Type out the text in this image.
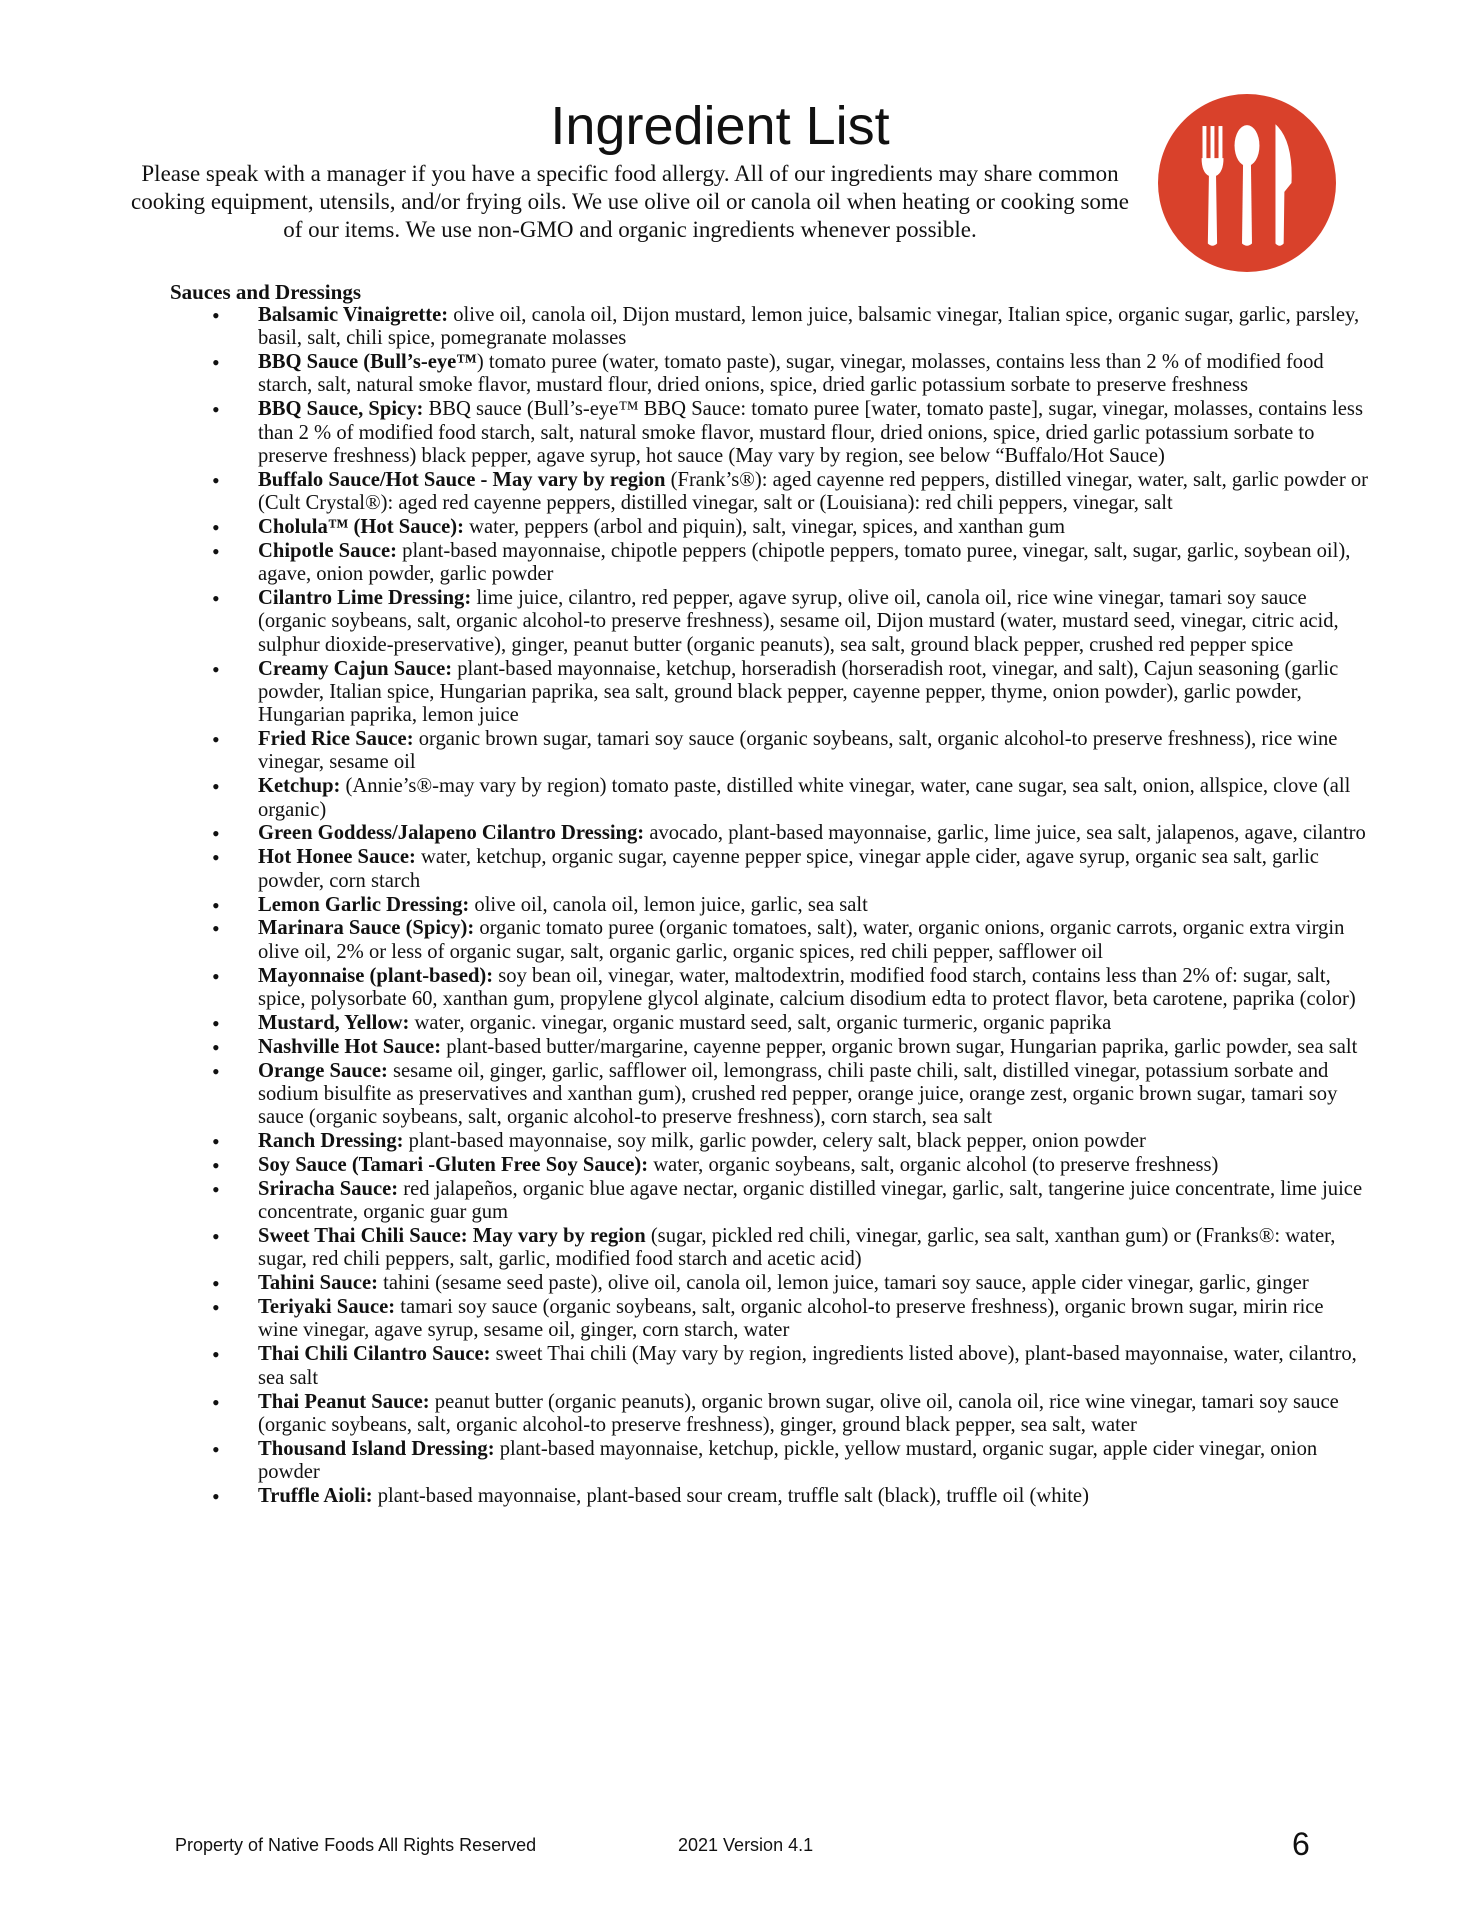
Ingredient List

Please speak with a manager if you have a specific food allergy. All of our ingredients may share common cooking equipment, utensils, and/or frying oils. We use olive oil or canola oil when heating or cooking some of our items. We use non-GMO and organic ingredients whenever possible.

Sauces and Dressings
• Balsamic Vinaigrette: olive oil, canola oil, Dijon mustard, lemon juice, balsamic vinegar, Italian spice, organic sugar, garlic, parsley, basil, salt, chili spice, pomegranate molasses
• BBQ Sauce (Bull’s-eye™) tomato puree (water, tomato paste), sugar, vinegar, molasses, contains less than 2 % of modified food starch, salt, natural smoke flavor, mustard flour, dried onions, spice, dried garlic potassium sorbate to preserve freshness
• BBQ Sauce, Spicy: BBQ sauce (Bull’s-eye™ BBQ Sauce: tomato puree [water, tomato paste], sugar, vinegar, molasses, contains less than 2 % of modified food starch, salt, natural smoke flavor, mustard flour, dried onions, spice, dried garlic potassium sorbate to preserve freshness) black pepper, agave syrup, hot sauce (May vary by region, see below “Buffalo/Hot Sauce)
• Buffalo Sauce/Hot Sauce - May vary by region (Frank’s®): aged cayenne red peppers, distilled vinegar, water, salt, garlic powder or (Cult Crystal®): aged red cayenne peppers, distilled vinegar, salt or (Louisiana): red chili peppers, vinegar, salt
• Cholula™ (Hot Sauce): water, peppers (arbol and piquin), salt, vinegar, spices, and xanthan gum
• Chipotle Sauce: plant-based mayonnaise, chipotle peppers (chipotle peppers, tomato puree, vinegar, salt, sugar, garlic, soybean oil), agave, onion powder, garlic powder
• Cilantro Lime Dressing: lime juice, cilantro, red pepper, agave syrup, olive oil, canola oil, rice wine vinegar, tamari soy sauce (organic soybeans, salt, organic alcohol-to preserve freshness), sesame oil, Dijon mustard (water, mustard seed, vinegar, citric acid, sulphur dioxide-preservative), ginger, peanut butter (organic peanuts), sea salt, ground black pepper, crushed red pepper spice
• Creamy Cajun Sauce: plant-based mayonnaise, ketchup, horseradish (horseradish root, vinegar, and salt), Cajun seasoning (garlic powder, Italian spice, Hungarian paprika, sea salt, ground black pepper, cayenne pepper, thyme, onion powder), garlic powder, Hungarian paprika, lemon juice
• Fried Rice Sauce: organic brown sugar, tamari soy sauce (organic soybeans, salt, organic alcohol-to preserve freshness), rice wine vinegar, sesame oil
• Ketchup: (Annie’s®-may vary by region) tomato paste, distilled white vinegar, water, cane sugar, sea salt, onion, allspice, clove (all organic)
• Green Goddess/Jalapeno Cilantro Dressing: avocado, plant-based mayonnaise, garlic, lime juice, sea salt, jalapenos, agave, cilantro
• Hot Honee Sauce: water, ketchup, organic sugar, cayenne pepper spice, vinegar apple cider, agave syrup, organic sea salt, garlic powder, corn starch
• Lemon Garlic Dressing: olive oil, canola oil, lemon juice, garlic, sea salt
• Marinara Sauce (Spicy): organic tomato puree (organic tomatoes, salt), water, organic onions, organic carrots, organic extra virgin olive oil, 2% or less of organic sugar, salt, organic garlic, organic spices, red chili pepper, safflower oil
• Mayonnaise (plant-based): soy bean oil, vinegar, water, maltodextrin, modified food starch, contains less than 2% of: sugar, salt, spice, polysorbate 60, xanthan gum, propylene glycol alginate, calcium disodium edta to protect flavor, beta carotene, paprika (color)
• Mustard, Yellow: water, organic. vinegar, organic mustard seed, salt, organic turmeric, organic paprika
• Nashville Hot Sauce: plant-based butter/margarine, cayenne pepper, organic brown sugar, Hungarian paprika, garlic powder, sea salt
• Orange Sauce: sesame oil, ginger, garlic, safflower oil, lemongrass, chili paste chili, salt, distilled vinegar, potassium sorbate and sodium bisulfite as preservatives and xanthan gum), crushed red pepper, orange juice, orange zest, organic brown sugar, tamari soy sauce (organic soybeans, salt, organic alcohol-to preserve freshness), corn starch, sea salt
• Ranch Dressing: plant-based mayonnaise, soy milk, garlic powder, celery salt, black pepper, onion powder
• Soy Sauce (Tamari -Gluten Free Soy Sauce): water, organic soybeans, salt, organic alcohol (to preserve freshness)
• Sriracha Sauce: red jalapeños, organic blue agave nectar, organic distilled vinegar, garlic, salt, tangerine juice concentrate, lime juice concentrate, organic guar gum
• Sweet Thai Chili Sauce: May vary by region (sugar, pickled red chili, vinegar, garlic, sea salt, xanthan gum) or (Franks®: water, sugar, red chili peppers, salt, garlic, modified food starch and acetic acid)
• Tahini Sauce: tahini (sesame seed paste), olive oil, canola oil, lemon juice, tamari soy sauce, apple cider vinegar, garlic, ginger
• Teriyaki Sauce: tamari soy sauce (organic soybeans, salt, organic alcohol-to preserve freshness), organic brown sugar, mirin rice wine vinegar, agave syrup, sesame oil, ginger, corn starch, water
• Thai Chili Cilantro Sauce: sweet Thai chili (May vary by region, ingredients listed above), plant-based mayonnaise, water, cilantro, sea salt
• Thai Peanut Sauce: peanut butter (organic peanuts), organic brown sugar, olive oil, canola oil, rice wine vinegar, tamari soy sauce (organic soybeans, salt, organic alcohol-to preserve freshness), ginger, ground black pepper, sea salt, water
• Thousand Island Dressing: plant-based mayonnaise, ketchup, pickle, yellow mustard, organic sugar, apple cider vinegar, onion powder
• Truffle Aioli: plant-based mayonnaise, plant-based sour cream, truffle salt (black), truffle oil (white)
Property of Native Foods All Rights Reserved	2021 Version 4.1	6
